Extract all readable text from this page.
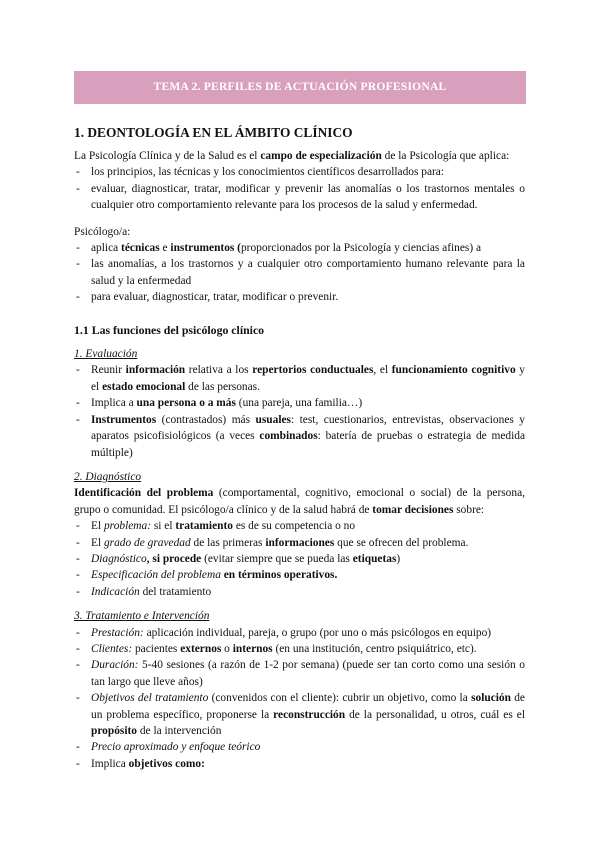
TEMA 2. PERFILES DE ACTUACIÓN PROFESIONAL
1. DEONTOLOGÍA EN EL ÁMBITO CLÍNICO

La Psicología Clínica y de la Salud es el campo de especialización de la Psicología que aplica:

- los principios, las técnicas y los conocimientos científicos desarrollados para:
- evaluar, diagnosticar, tratar, modificar y prevenir las anomalías o los trastornos mentales o cualquier otro comportamiento relevante para los procesos de la salud y enfermedad.

Psicólogo/a:

- aplica técnicas e instrumentos (proporcionados por la Psicología y ciencias afines) a
- las anomalías, a los trastornos y a cualquier otro comportamiento humano relevante para la salud y la enfermedad
- para evaluar, diagnosticar, tratar, modificar o prevenir.
1.1 Las funciones del psicólogo clínico
1. Evaluación
- Reunir información relativa a los repertorios conductuales, el funcionamiento cognitivo y el estado emocional de las personas.
- Implica a una persona o a más (una pareja, una familia…)
- Instrumentos (contrastados) más usuales: test, cuestionarios, entrevistas, observaciones y aparatos psicofisiológicos (a veces combinados: batería de pruebas o estrategia de medida múltiple)
2. Diagnóstico

Identificación del problema (comportamental, cognitivo, emocional o social) de la persona, grupo o comunidad. El psicólogo/a clínico y de la salud habrá de tomar decisiones sobre:

- El problema: si el tratamiento es de su competencia o no
- El grado de gravedad de las primeras informaciones que se ofrecen del problema.
- Diagnóstico, si procede (evitar siempre que se pueda las etiquetas)
- Especificación del problema en términos operativos.
- Indicación del tratamiento
3. Tratamiento e Intervención
- Prestación: aplicación individual, pareja, o grupo (por uno o más psicólogos en equipo)
- Clientes: pacientes externos o internos (en una institución, centro psiquiátrico, etc).
- Duración: 5-40 sesiones (a razón de 1-2 por semana) (puede ser tan corto como una sesión o tan largo que lleve años)
- Objetivos del tratamiento (convenidos con el cliente): cubrir un objetivo, como la solución de un problema específico, proponerse la reconstrucción de la personalidad, u otros, cuál es el propósito de la intervención
- Precio aproximado y enfoque teórico
- Implica objetivos como:
